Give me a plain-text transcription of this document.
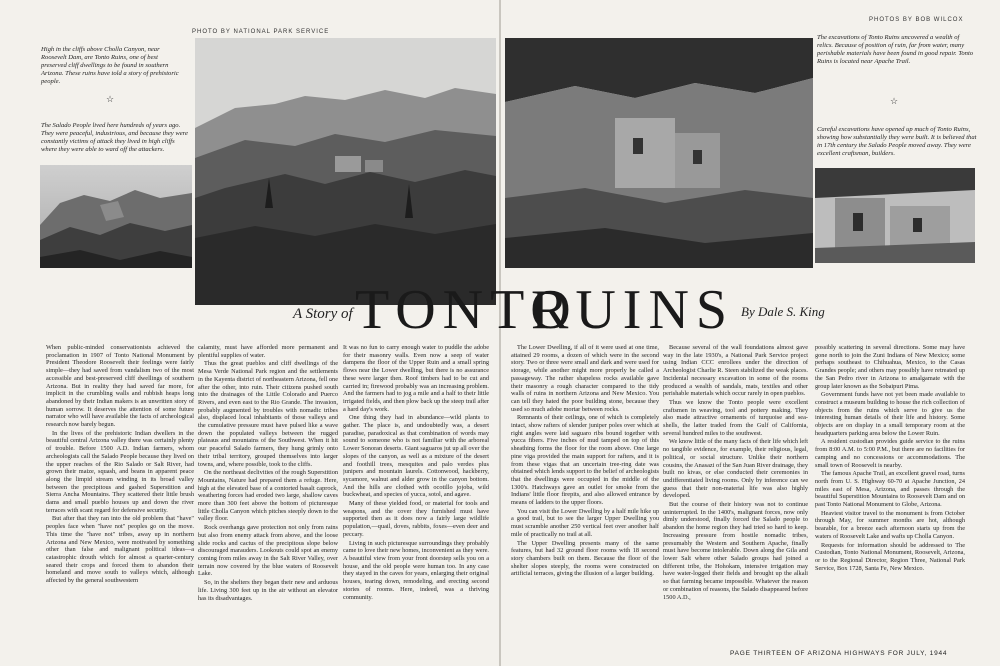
PHOTO BY NATIONAL PARK SERVICE
PHOTOS BY BOB WILCOX
High in the cliffs above Cholla Canyon, near Roosevelt Dam, are Tonto Ruins, one of best preserved cliff dwellings to be found in southern Arizona. These ruins have told a story of prehistoric people.
☆
The Salado People lived here hundreds of years ago. They were peaceful, industrious, and because they were constantly victims of attack they lived in high cliffs where they were able to ward off the attackers.
The excavations of Tonto Ruins uncovered a wealth of relics. Because of position of ruin, far from water, many perishable materials have been found in good repair. Tonto Ruins is located near Apache Trail.
☆
Careful excavations have opened up much of Tonto Ruins, showing how substantially they were built. It is believed that in 17th century the Salado People moved away. They were excellent craftsman, builders.
A Story of TONTO
RUINS By Dale S. King

When public-minded conservationists achieved the proclamation in 1907 of Tonto National Monument by President Theodore Roosevelt their feelings were fairly simple—they had saved from vandalism two of the most accessible and best-preserved cliff dwellings of southern Arizona. But in reality they had saved far more, for implicit in the crumbling walls and rubbish heaps long abandoned by their Indian makers is an unwritten story of human sorrow. It deserves the attention of some future narrator who will have available the facts of archeological research now barely begun.

In the lives of the prehistoric Indian dwellers in the beautiful central Arizona valley there was certainly plenty of trouble. Before 1500 A.D. Indian farmers, whom archeologists call the Salado People because they lived on the upper reaches of the Rio Salado or Salt River, had grown their maize, squash, and beans in apparent peace along the limpid stream winding in its broad valley between the precipitous and gashed Superstition and Sierra Ancha Mountains. They scattered their little brush dams and small pueblo houses up and down the river terraces with scant regard for defensive security.

But after that they ran into the old problem that "have" peoples face when "have not" peoples go on the move. This time the "have not" tribes, away up in northern Arizona and New Mexico, were motivated by something other than false and malignant political ideas—a catastrophic drouth which for almost a quarter-century seared their crops and forced them to abandon their homeland and move south to valleys which, although affected by the general southwestern

calamity, must have afforded more permanent and plentiful supplies of water.

Thus the great pueblos and cliff dwellings of the Mesa Verde National Park region and the settlements in the Kayenta district of northeastern Arizona, fell one after the other, into ruin. Their citizens pushed south into the drainages of the Little Colorado and Puerco Rivers, and even east to the Rio Grande. The invasion, probably augmented by troubles with nomadic tribes also, displaced local inhabitants of those valleys and the cumulative pressure must have pulsed like a wave down the populated valleys between the rugged plateaus and mountains of the Southwest. When it hit our peaceful Salado farmers, they hung grimly onto their tribal territory, grouped themselves into larger towns, and, where possible, took to the cliffs.

On the northeast declivities of the rough Superstition Mountains, Nature had prepared them a refuge. Here, high at the elevated base of a contorted basalt caprock, weathering forces had eroded two large, shallow caves more than 300 feet above the bottom of picturesque little Cholla Canyon which pitches steeply down to the valley floor.

Rock overhangs gave protection not only from rains but also from enemy attack from above, and the loose slide rocks and cactus of the precipitous slope below discouraged marauders. Lookouts could spot an enemy coming from miles away in the Salt River Valley, over terrain now covered by the blue waters of Roosevelt Lake.

So, in the shelters they began their new and arduous life. Living 300 feet up in the air without an elevator has its disadvantages.

It was no fun to carry enough water to puddle the adobe for their masonry walls. Even now a seep of water dampens the floor of the Upper Ruin and a small spring flows near the Lower dwelling, but there is no assurance these were larger then. Roof timbers had to be cut and carried in; firewood probably was an increasing problem. And the farmers had to jog a mile and a half to their little irrigated fields, and then plow back up the steep trail after a hard day's work.

One thing they had in abundance—wild plants to gather. The place is, and undoubtedly was, a desert paradise, paradoxical as that combination of words may sound to someone who is not familiar with the arboreal Lower Sonoran deserts. Giant saguaros jut up all over the slopes of the canyon, as well as a mixture of the desert and foothill trees, mesquites and palo verdes plus junipers and mountain laurels. Cottonwood, hackberry, sycamore, walnut and alder grow in the canyon bottom. And the hills are clothed with ocotillo jojoba, wild buckwheat, and species of yucca, sotol, and agave.

Many of these yielded food, or material for tools and weapons, and the cover they furnished must have supported then as it does now a fairly large wildlife population,—quail, doves, rabbits, foxes—even deer and peccary.

Living in such picturesque surroundings they probably came to love their new homes, inconvenient as they were. A beautiful view from your front doorstep sells you on a house, and the old people were human too. In any case they stayed in the caves for years, enlarging their original houses, tearing down, remodeling, and erecting second stories of rooms. Here, indeed, was a thriving community.

The Lower Dwelling, if all of it were used at one time, attained 29 rooms, a dozen of which were in the second story. Two or three were small and dark and were used for storage, while another might more properly be called a passageway. The rather shapeless rocks available gave their masonry a rough character compared to the tidy walls of ruins in northern Arizona and New Mexico. You can tell they hated the poor building stone, because they used so much adobe mortar between rocks.

Remnants of their ceilings, one of which is completely intact, show rafters of slender juniper poles over which at right angles were laid saguaro ribs bound together with yucca fibers. Five inches of mud tamped on top of this sheathing forms the floor for the room above. One large pine viga provided the main support for rafters, and it is from these vigas that an uncertain tree-ring date was obtained which lends support to the belief of archeologists that the dwellings were occupied in the middle of the 1300's. Hatchways gave an outlet for smoke from the Indians' little floor firepits, and also allowed entrance by means of ladders to the upper floors.

You can visit the Lower Dwelling by a half mile hike up a good trail, but to see the larger Upper Dwelling you must scramble another 250 vertical feet over another half mile of practically no trail at all.

The Upper Dwelling presents many of the same features, but had 32 ground floor rooms with 18 second story chambers built on them. Because the floor of the shelter slopes steeply, the rooms were constructed on artificial terraces, giving the illusion of a larger building.

Because several of the wall foundations almost gave way in the late 1930's, a National Park Service project using Indian CCC enrollees under the direction of Archeologist Charlie R. Steen stabilized the weak places. Incidental necessary excavation in some of the rooms produced a wealth of sandals, mats, textiles and other perishable materials which occur rarely in open pueblos.

Thus we know the Tonto people were excellent craftsmen in weaving, tool and pottery making. They also made attractive ornaments of turquoise and sea-shells, the latter traded from the Gulf of California, several hundred miles to the southwest.

We know little of the many facts of their life which left no tangible evidence, for example, their religious, legal, political, or social structure. Unlike their northern cousins, the Anasazi of the San Juan River drainage, they built no kivas, or else conducted their ceremonies in undifferentiated living rooms. Only by inference can we guess that their non-material life was also highly developed.

But the course of their history was not to continue uninterrupted. In the 1400's, malignant forces, now only dimly understood, finally forced the Salado people to abandon the home region they had tried so hard to keep. Increasing pressure from hostile nomadic tribes, presumably the Western and Southern Apache, finally must have become intolerable. Down along the Gila and lower Salt where other Salado groups had joined a different tribe, the Hohokam, intensive irrigation may have water-logged their fields and brought up the alkali so that farming became impossible. Whatever the reason or combination of reasons, the Salado disappeared before 1500 A.D.,

possibly scattering in several directions. Some may have gone north to join the Zuni Indians of New Mexico; some perhaps southeast to Chihuahua, Mexico, to the Casas Grandes people; and others may possibly have retreated up the San Pedro river in Arizona to amalgamate with the group later known as the Sobaipuri Pima.

Government funds have not yet been made available to construct a museum building to house the rich collection of objects from the ruins which serve to give us the interesting human details of their life and history. Some objects are on display in a small temporary room at the headquarters parking area below the Lower Ruin.

A resident custodian provides guide service to the ruins from 8:00 A.M. to 5:00 P.M., but there are no facilities for camping and no concessions or accommodations. The small town of Roosevelt is nearby.

The famous Apache Trail, an excellent gravel road, turns north from U. S. Highway 60-70 at Apache Junction, 24 miles east of Mesa, Arizona, and passes through the beautiful Superstition Mountains to Roosevelt Dam and on past Tonto National Monument to Globe, Arizona.

Heaviest visitor travel to the monument is from October through May, for summer months are hot, although bearable, for a breeze each afternoon starts up from the waters of Roosevelt Lake and wafts up Cholla Canyon.

Requests for information should be addressed to The Custodian, Tonto National Monument, Roosevelt, Arizona, or to the Regional Director, Region Three, National Park Service, Box 1728, Santa Fe, New Mexico.

PAGE THIRTEEN OF ARIZONA HIGHWAYS FOR JULY, 1944
